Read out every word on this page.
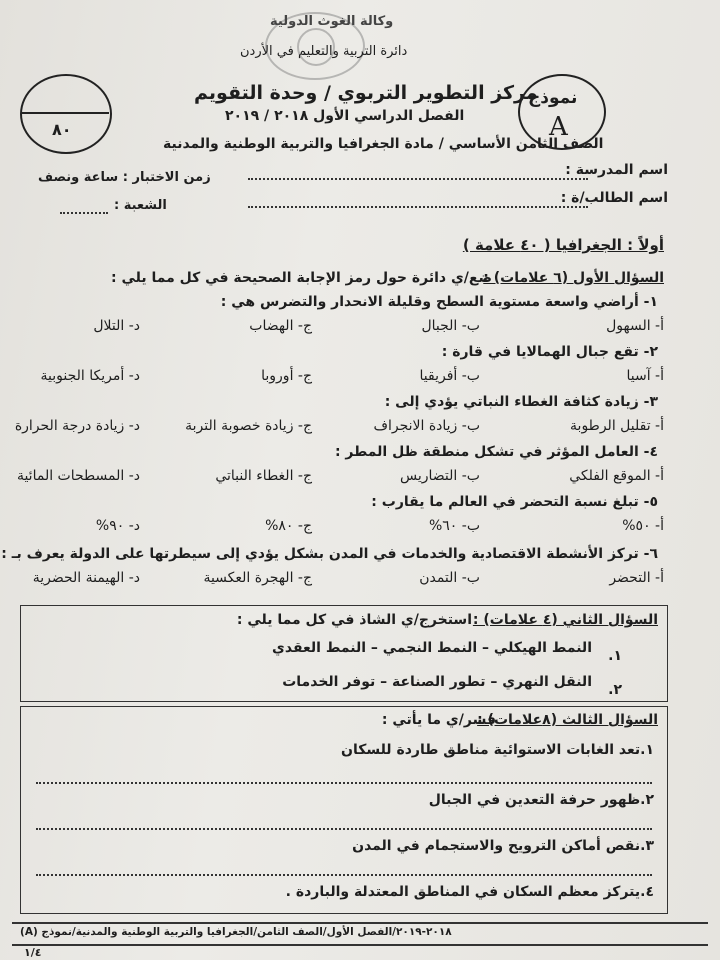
وكالة الغوث الدولية
دائرة التربية والتعليم في الأردن
مركز التطوير التربوي / وحدة التقويم
الفصل الدراسي الأول ٢٠١٨ / ٢٠١٩
الصف الثامن الأساسي / مادة الجغرافيا والتربية الوطنية والمدنية
نموذج
A
٨٠
اسم المدرسة :
اسم الطالب/ة :
زمن الاختبار : ساعة ونصف
الشعبة :
أولاً : الجغرافيا ( ٤٠ علامة )
السؤال الأول (٦ علامات) :
ضع/ي دائرة حول رمز الإجابة الصحيحة في كل مما يلي :
١- أراضي واسعة مستوية السطح وقليلة الانحدار والتضرس هي :
أ- السهول
ب- الجبال
ج- الهضاب
د- التلال
٢- تقع جبال الهمالايا في قارة :
أ- آسيا
ب- أفريقيا
ج- أوروبا
د- أمريكا الجنوبية
٣- زيادة كثافة الغطاء النباتي يؤدي إلى :
أ- تقليل الرطوبة
ب- زيادة الانجراف
ج- زيادة خصوبة التربة
د- زيادة درجة الحرارة
٤- العامل المؤثر في تشكل منطقة ظل المطر :
أ- الموقع الفلكي
ب- التضاريس
ج- الغطاء النباتي
د- المسطحات المائية
٥- تبلغ نسبة التحضر في العالم ما يقارب :
أ- ٥٠%
ب- ٦٠%
ج- ٨٠%
د- ٩٠%
٦- تركز الأنشطة الاقتصادية والخدمات في المدن بشكل يؤدي إلى سيطرتها على الدولة يعرف بـ :
أ- التحضر
ب- التمدن
ج- الهجرة العكسية
د- الهيمنة الحضرية
السؤال الثاني (٤ علامات) :
استخرج/ي الشاذ في كل مما يلي :
١.
النمط الهيكلي – النمط النجمي – النمط العقدي
٢.
النقل النهري – تطور الصناعة – توفر الخدمات
السؤال الثالث (٨علامات) :
فسر/ي ما يأتي :
١.تعد الغابات الاستوائية مناطق طاردة للسكان
٢.ظهور حرفة التعدين في الجبال
٣.نقص أماكن الترويح والاستجمام في المدن
٤.يتركز معظم السكان في المناطق المعتدلة والباردة .
٢٠١٨-٢٠١٩/الفصل الأول/الصف الثامن/الجغرافيا والتربية الوطنية والمدنية/نموذج (A)
١/٤
